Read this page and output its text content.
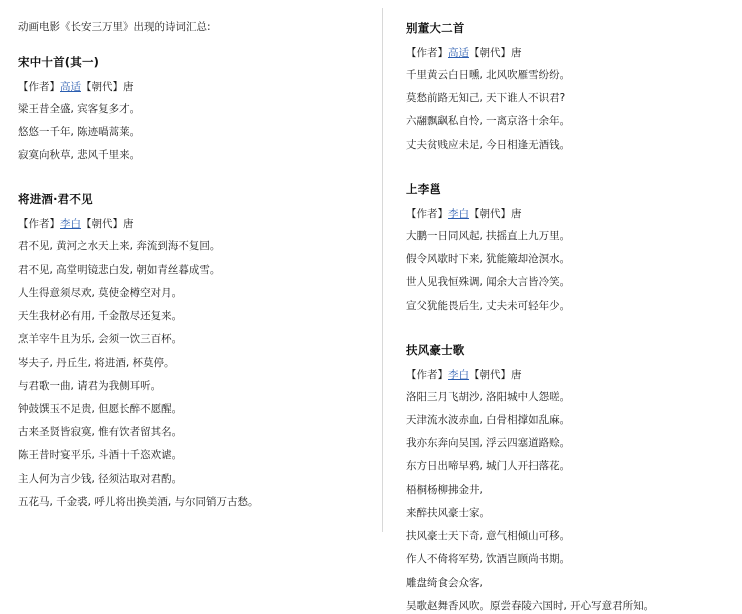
动画电影《长安三万里》出现的诗词汇总:

宋中十首(其一)

【作者】高适【朝代】唐

梁王昔全盛, 宾客复多才。

悠悠一千年, 陈迹喎蒿莱。

寂寞向秋草, 悲风千里来。

将进酒·君不见

【作者】李白【朝代】唐

君不见, 黄河之水天上来, 奔流到海不复回。

君不见, 高堂明镜悲白发, 朝如青丝暮成雪。

人生得意须尽欢, 莫使金樽空对月。

天生我材必有用, 千金散尽还复来。

烹羊宰牛且为乐, 会须一饮三百杯。

岑夫子, 丹丘生, 将进酒, 杯莫停。

与君歌一曲, 请君为我侧耳听。

钟鼓馔玉不足贵, 但愿长醉不愿醒。

古来圣贤皆寂寞, 惟有饮者留其名。

陈王昔时宴平乐, 斗酒十千恣欢谑。

主人何为言少钱, 径须沽取对君酌。

五花马, 千金裘, 呼儿将出换美酒, 与尔同销万古愁。

别董大二首

【作者】高适【朝代】唐

千里黄云白日曛, 北风吹雁雪纷纷。

莫愁前路无知己, 天下谁人不识君?

六翮飘飖私自怜, 一离京洛十余年。

丈夫贫贱应未足, 今日相逢无酒钱。

上李邕

【作者】李白【朝代】唐

大鹏一日同风起, 扶摇直上九万里。

假令风歇时下来, 犹能簸却沧溟水。

世人见我恒殊调, 闻余大言皆冷笑。

宣父犹能畏后生, 丈夫未可轻年少。

扶风豪士歌

【作者】李白【朝代】唐

洛阳三月飞胡沙, 洛阳城中人怨嗟。

天津流水波赤血, 白骨相撑如乱麻。

我亦东奔向吴国, 浮云四塞道路赊。

东方日出啼早鸦, 城门人开扫落花。

梧桐杨柳拂金井,

来醉扶风豪士家。

扶风豪士天下奇, 意气相倾山可移。

作人不倚将军势, 饮酒岂顾尚书期。

雕盘绮食会众客,

吴歌赵舞香风吹。原尝春陵六国时, 开心写意君所知。
